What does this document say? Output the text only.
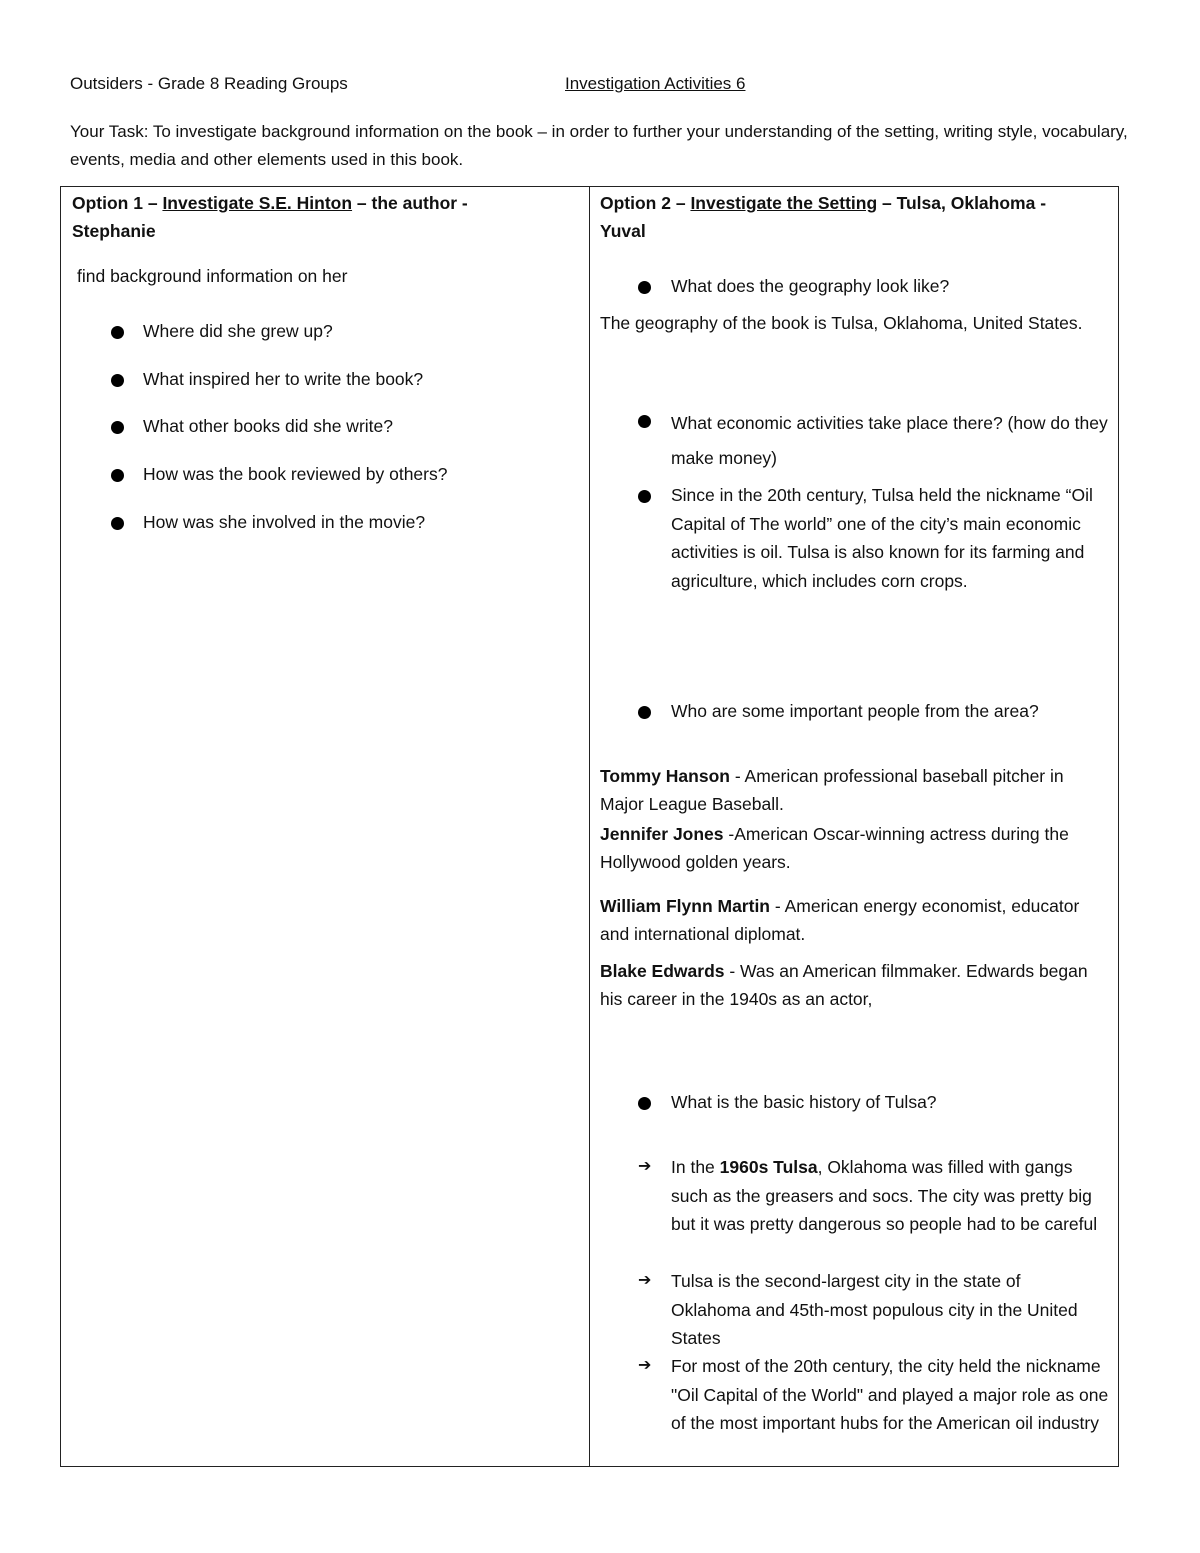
Outsiders - Grade 8 Reading Groups	Investigation Activities 6
Your Task: To investigate background information on the book – in order to further your understanding of the setting, writing style, vocabulary, events, media and other elements used in this book.
Option 1 – Investigate S.E. Hinton – the author -
Stephanie
find background information on her
Where did she grew up?
What inspired her to write the book?
What other books did she write?
How was the book reviewed by others?
How was she involved in the movie?

Option 2 – Investigate the Setting – Tulsa, Oklahoma -
Yuval
What does the geography look like?
The geography of the book is Tulsa, Oklahoma, United States.
What economic activities take place there? (how do they make money)
Since in the 20th century, Tulsa held the nickname “Oil Capital of The world” one of the city’s main economic activities is oil. Tulsa is also known for its farming and agriculture, which includes corn crops.
Who are some important people from the area?
Tommy Hanson - American professional baseball pitcher in Major League Baseball.
Jennifer Jones -American Oscar-winning actress during the Hollywood golden years.
William Flynn Martin - American energy economist, educator and international diplomat.
Blake Edwards - Was an American filmmaker. Edwards began his career in the 1940s as an actor,
What is the basic history of Tulsa?
➔ In the 1960s Tulsa, Oklahoma was filled with gangs such as the greasers and socs. The city was pretty big but it was pretty dangerous so people had to be careful
➔ Tulsa is the second-largest city in the state of Oklahoma and 45th-most populous city in the United States
➔ For most of the 20th century, the city held the nickname "Oil Capital of the World" and played a major role as one of the most important hubs for the American oil industry
